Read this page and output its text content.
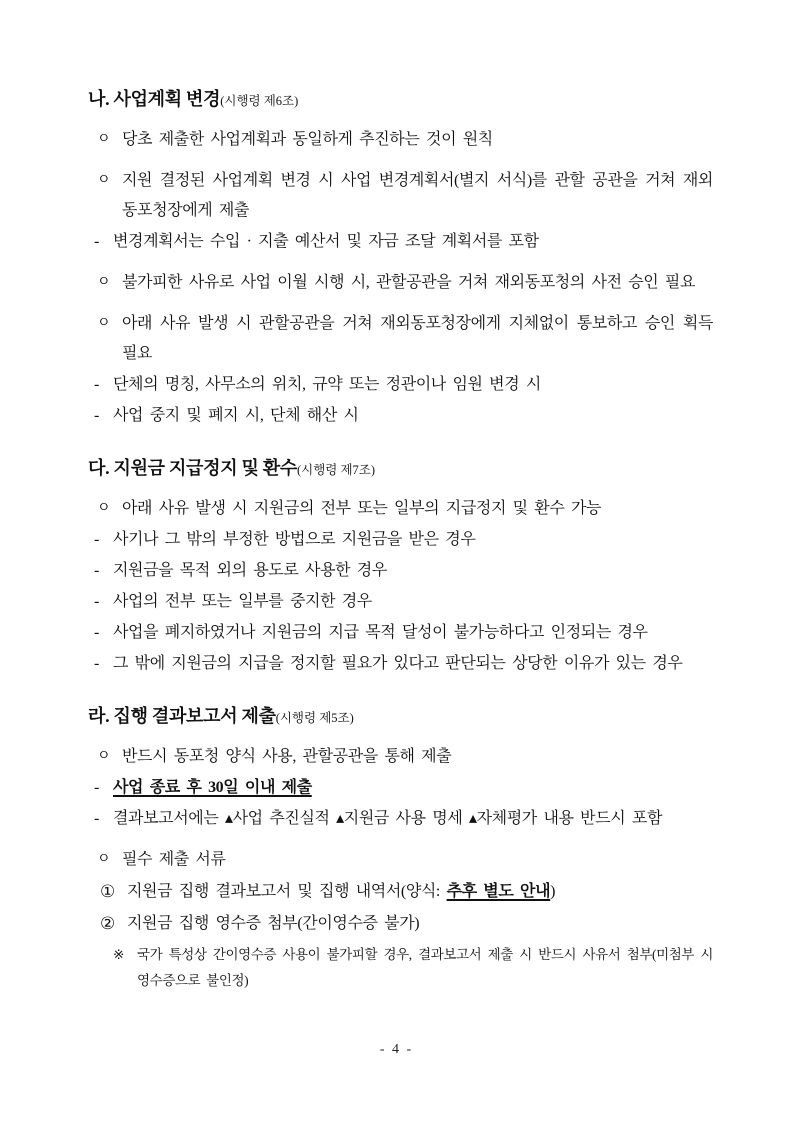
나. 사업계획 변경(시행령 제6조)
ㅇ 당초 제출한 사업계획과 동일하게 추진하는 것이 원칙
ㅇ 지원 결정된 사업계획 변경 시 사업 변경계획서(별지 서식)를 관할 공관을 거쳐 재외동포청장에게 제출
- 변경계획서는 수입 · 지출 예산서 및 자금 조달 계획서를 포함
ㅇ 불가피한 사유로 사업 이월 시행 시, 관할공관을 거쳐 재외동포청의 사전 승인 필요
ㅇ 아래 사유 발생 시 관할공관을 거쳐 재외동포청장에게 지체없이 통보하고 승인 획득 필요
- 단체의 명칭, 사무소의 위치, 규약 또는 정관이나 임원 변경 시
- 사업 중지 및 폐지 시, 단체 해산 시
다. 지원금 지급정지 및 환수(시행령 제7조)
ㅇ 아래 사유 발생 시 지원금의 전부 또는 일부의 지급정지 및 환수 가능
- 사기나 그 밖의 부정한 방법으로 지원금을 받은 경우
- 지원금을 목적 외의 용도로 사용한 경우
- 사업의 전부 또는 일부를 중지한 경우
- 사업을 폐지하였거나 지원금의 지급 목적 달성이 불가능하다고 인정되는 경우
- 그 밖에 지원금의 지급을 정지할 필요가 있다고 판단되는 상당한 이유가 있는 경우
라. 집행 결과보고서 제출(시행령 제5조)
ㅇ 반드시 동포청 양식 사용, 관할공관을 통해 제출
- 사업 종료 후 30일 이내 제출
- 결과보고서에는 ▴사업 추진실적 ▴지원금 사용 명세 ▴자체평가 내용 반드시 포함
ㅇ 필수 제출 서류
① 지원금 집행 결과보고서 및 집행 내역서(양식: 추후 별도 안내)
② 지원금 집행 영수증 첨부(간이영수증 불가)
※ 국가 특성상 간이영수증 사용이 불가피할 경우, 결과보고서 제출 시 반드시 사유서 첨부(미첨부 시 영수증으로 불인정)
- 4 -
